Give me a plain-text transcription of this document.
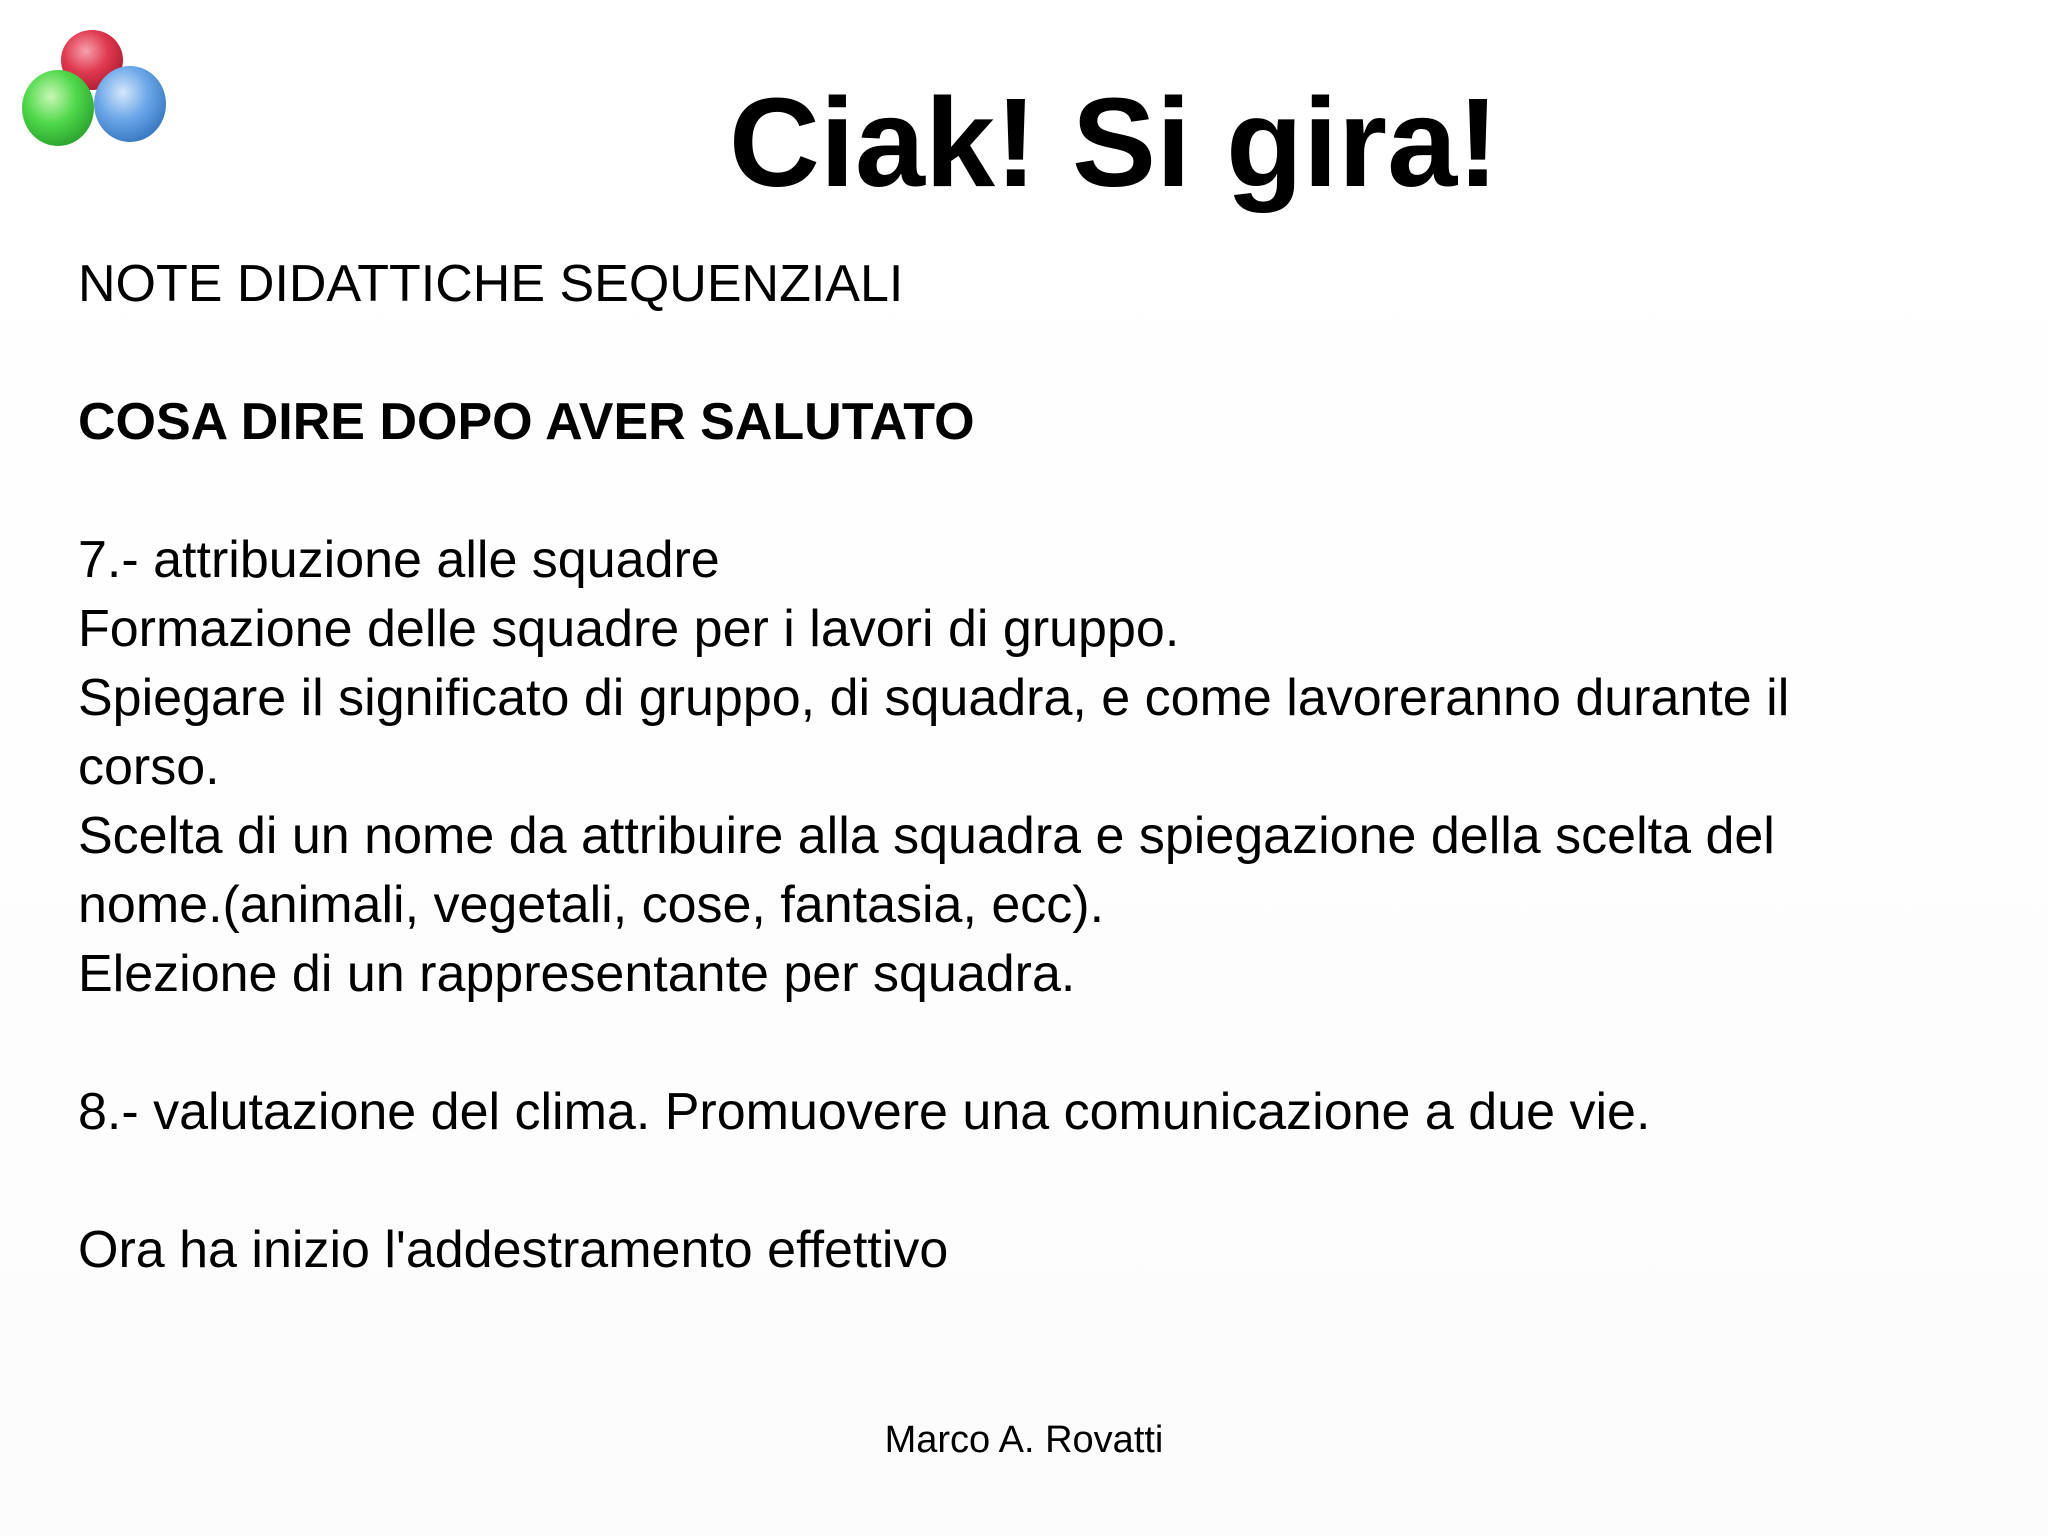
Ciak! Si gira!

NOTE DIDATTICHE SEQUENZIALI

COSA DIRE DOPO AVER SALUTATO

7.- attribuzione alle squadre

Formazione delle squadre per i lavori di gruppo.

Spiegare il significato di gruppo, di squadra, e come lavoreranno durante il

corso.

Scelta di un nome da attribuire alla squadra e spiegazione della scelta del

nome.(animali, vegetali, cose, fantasia, ecc).

Elezione di un rappresentante per squadra.

8.- valutazione del clima. Promuovere una comunicazione a due vie.

Ora ha inizio l'addestramento effettivo

Marco A. Rovatti
